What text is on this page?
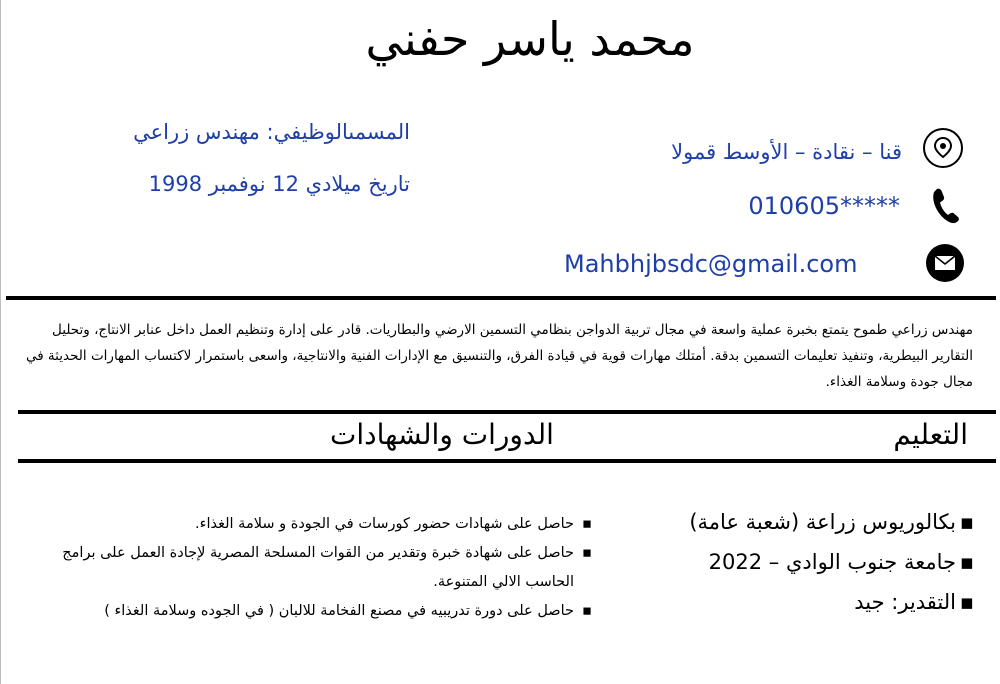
محمد ياسر حفني
المسمىالوظيفي: مهندس زراعي
تاريخ ميلادي 12 نوفمبر 1998
قنا – نقادة – الأوسط قمولا
010605*****
Mahbhjbsdc@gmail.com
مهندس زراعي طموح يتمتع بخبرة عملية واسعة في مجال تربية الدواجن بنظامي التسمين الارضي والبطاريات. قادر على إدارة وتنظيم العمل داخل عنابر الانتاج، وتحليل التقارير البيطرية، وتنفيذ تعليمات التسمين بدقة. أمتلك مهارات قوية في قيادة الفرق، والتنسيق مع الإدارات الفنية والانتاجية، واسعى باستمرار لاكتساب المهارات الحديثة في مجال جودة وسلامة الغذاء.
التعليم
الدورات والشهادات
▪
بكالوريوس زراعة (شعبة عامة)
▪
جامعة جنوب الوادي – 2022
▪
التقدير: جيد
▪
حاصل على شهادات حضور كورسات في الجودة و سلامة الغذاء.
▪
حاصل على شهادة خبرة وتقدير من القوات المسلحة المصرية لإجادة العمل على برامج الحاسب الالي المتنوعة.
▪
حاصل على دورة تدريبيه في مصنع الفخامة للالبان ( في الجوده وسلامة الغذاء )
